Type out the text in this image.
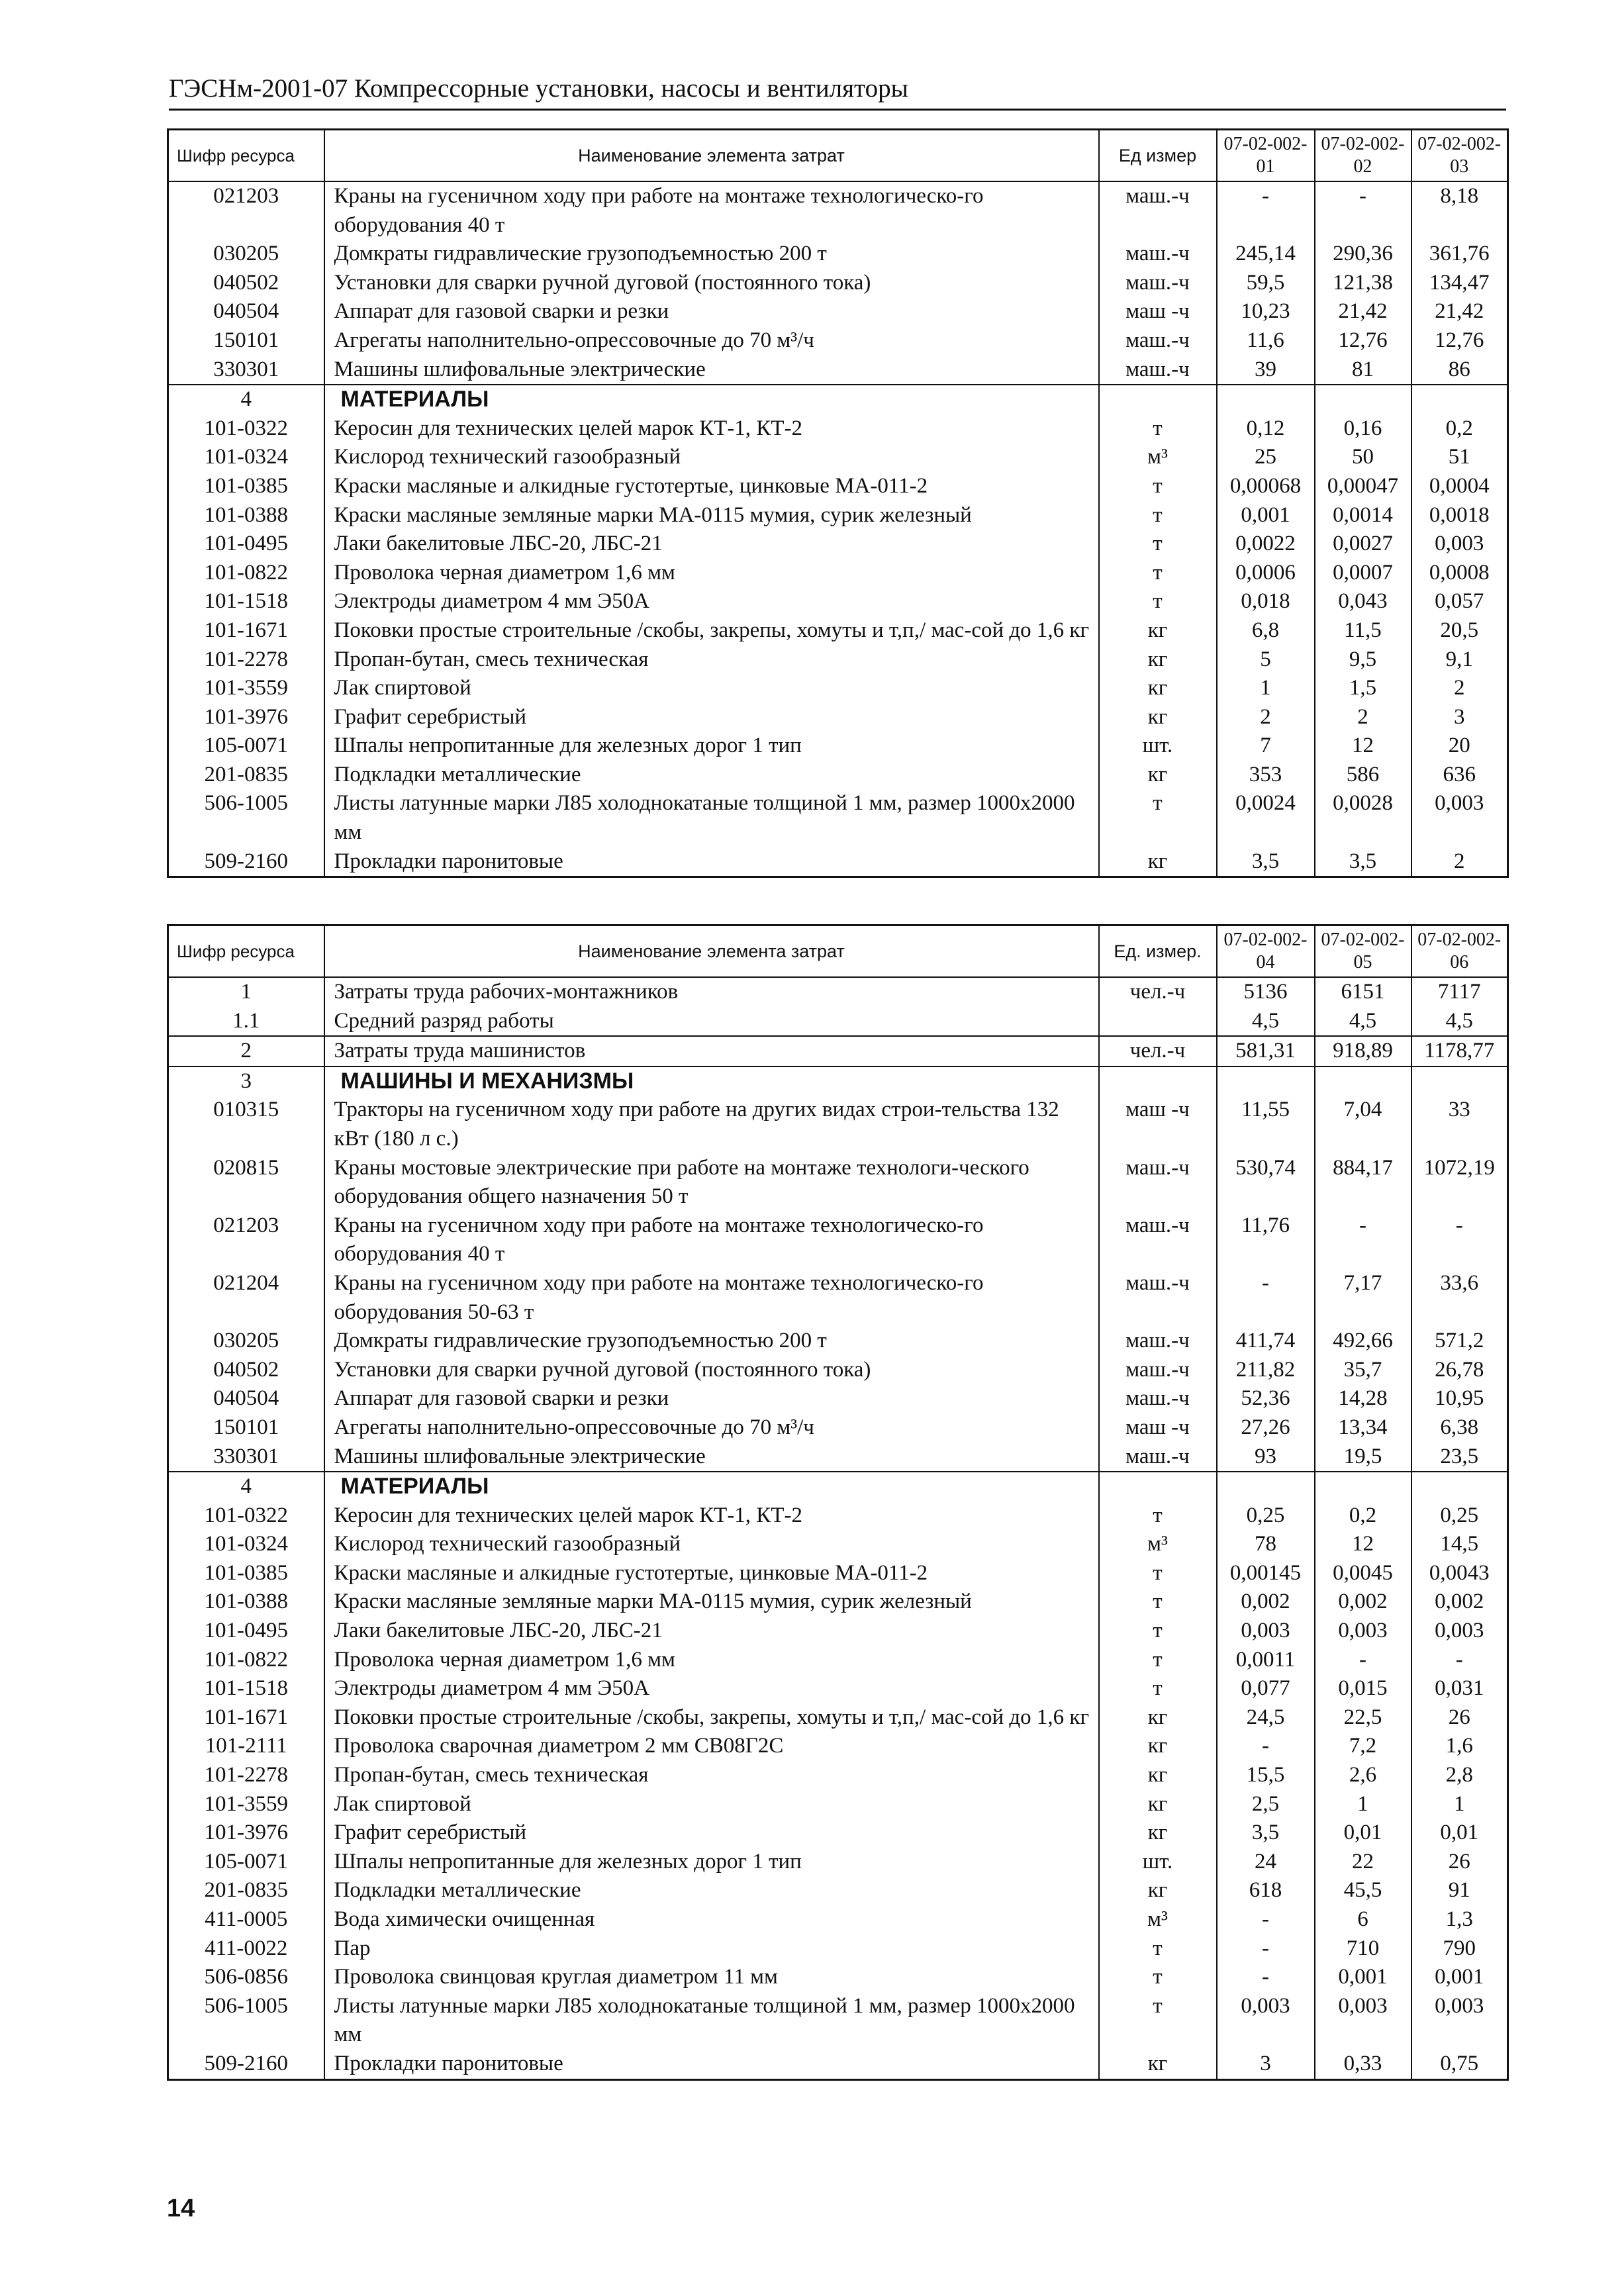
ГЭСНм-2001-07 Компрессорные установки, насосы и вентиляторы
Шифр ресурса	Наименование элемента затрат	Ед измер	07-02-002-01	07-02-002-02	07-02-002-03
021203	Краны на гусеничном ходу при работе на монтаже технологическо-го оборудования 40 т	маш.-ч	-	-	8,18
030205	Домкраты гидравлические грузоподъемностью 200 т	маш.-ч	245,14	290,36	361,76
040502	Установки для сварки ручной дуговой (постоянного тока)	маш.-ч	59,5	121,38	134,47
040504	Аппарат для газовой сварки и резки	маш -ч	10,23	21,42	21,42
150101	Агрегаты наполнительно-опрессовочные до 70 м³/ч	маш.-ч	11,6	12,76	12,76
330301	Машины шлифовальные электрические	маш.-ч	39	81	86
4	МАТЕРИАЛЫ				
101-0322	Керосин для технических целей марок КТ-1, КТ-2	т	0,12	0,16	0,2
101-0324	Кислород технический газообразный	м³	25	50	51
101-0385	Краски масляные и алкидные густотертые, цинковые МА-011-2	т	0,00068	0,00047	0,0004
101-0388	Краски масляные земляные марки МА-0115 мумия, сурик железный	т	0,001	0,0014	0,0018
101-0495	Лаки бакелитовые ЛБС-20, ЛБС-21	т	0,0022	0,0027	0,003
101-0822	Проволока черная диаметром 1,6 мм	т	0,0006	0,0007	0,0008
101-1518	Электроды диаметром 4 мм Э50А	т	0,018	0,043	0,057
101-1671	Поковки простые строительные /скобы, закрепы, хомуты и т,п,/ мас-сой до 1,6 кг	кг	6,8	11,5	20,5
101-2278	Пропан-бутан, смесь техническая	кг	5	9,5	9,1
101-3559	Лак спиртовой	кг	1	1,5	2
101-3976	Графит серебристый	кг	2	2	3
105-0071	Шпалы непропитанные для железных дорог 1 тип	шт.	7	12	20
201-0835	Подкладки металлические	кг	353	586	636
506-1005	Листы латунные марки Л85 холоднокатаные толщиной 1 мм, размер 1000x2000 мм	т	0,0024	0,0028	0,003
509-2160	Прокладки паронитовые	кг	3,5	3,5	2
Шифр ресурса	Наименование элемента затрат	Ед. измер.	07-02-002-04	07-02-002-05	07-02-002-06
1	Затраты труда рабочих-монтажников	чел.-ч	5136	6151	7117
1.1	Средний разряд работы		4,5	4,5	4,5
2	Затраты труда машинистов	чел.-ч	581,31	918,89	1178,77
3	МАШИНЫ И МЕХАНИЗМЫ				
010315	Тракторы на гусеничном ходу при работе на других видах строи-тельства 132 кВт (180 л с.)	маш -ч	11,55	7,04	33
020815	Краны мостовые электрические при работе на монтаже технологи-ческого оборудования общего назначения 50 т	маш.-ч	530,74	884,17	1072,19
021203	Краны на гусеничном ходу при работе на монтаже технологическо-го оборудования 40 т	маш.-ч	11,76	-	-
021204	Краны на гусеничном ходу при работе на монтаже технологическо-го оборудования 50-63 т	маш.-ч	-	7,17	33,6
030205	Домкраты гидравлические грузоподъемностью 200 т	маш.-ч	411,74	492,66	571,2
040502	Установки для сварки ручной дуговой (постоянного тока)	маш.-ч	211,82	35,7	26,78
040504	Аппарат для газовой сварки и резки	маш.-ч	52,36	14,28	10,95
150101	Агрегаты наполнительно-опрессовочные до 70 м³/ч	маш -ч	27,26	13,34	6,38
330301	Машины шлифовальные электрические	маш.-ч	93	19,5	23,5
4	МАТЕРИАЛЫ				
101-0322	Керосин для технических целей марок КТ-1, КТ-2	т	0,25	0,2	0,25
101-0324	Кислород технический газообразный	м³	78	12	14,5
101-0385	Краски масляные и алкидные густотертые, цинковые МА-011-2	т	0,00145	0,0045	0,0043
101-0388	Краски масляные земляные марки МА-0115 мумия, сурик железный	т	0,002	0,002	0,002
101-0495	Лаки бакелитовые ЛБС-20, ЛБС-21	т	0,003	0,003	0,003
101-0822	Проволока черная диаметром 1,6 мм	т	0,0011	-	-
101-1518	Электроды диаметром 4 мм Э50А	т	0,077	0,015	0,031
101-1671	Поковки простые строительные /скобы, закрепы, хомуты и т,п,/ мас-сой до 1,6 кг	кг	24,5	22,5	26
101-2111	Проволока сварочная диаметром 2 мм СВ08Г2С	кг	-	7,2	1,6
101-2278	Пропан-бутан, смесь техническая	кг	15,5	2,6	2,8
101-3559	Лак спиртовой	кг	2,5	1	1
101-3976	Графит серебристый	кг	3,5	0,01	0,01
105-0071	Шпалы непропитанные для железных дорог 1 тип	шт.	24	22	26
201-0835	Подкладки металлические	кг	618	45,5	91
411-0005	Вода химически очищенная	м³	-	6	1,3
411-0022	Пар	т	-	710	790
506-0856	Проволока свинцовая круглая диаметром 11 мм	т	-	0,001	0,001
506-1005	Листы латунные марки Л85 холоднокатаные толщиной 1 мм, размер 1000x2000 мм	т	0,003	0,003	0,003
509-2160	Прокладки паронитовые	кг	3	0,33	0,75
14
